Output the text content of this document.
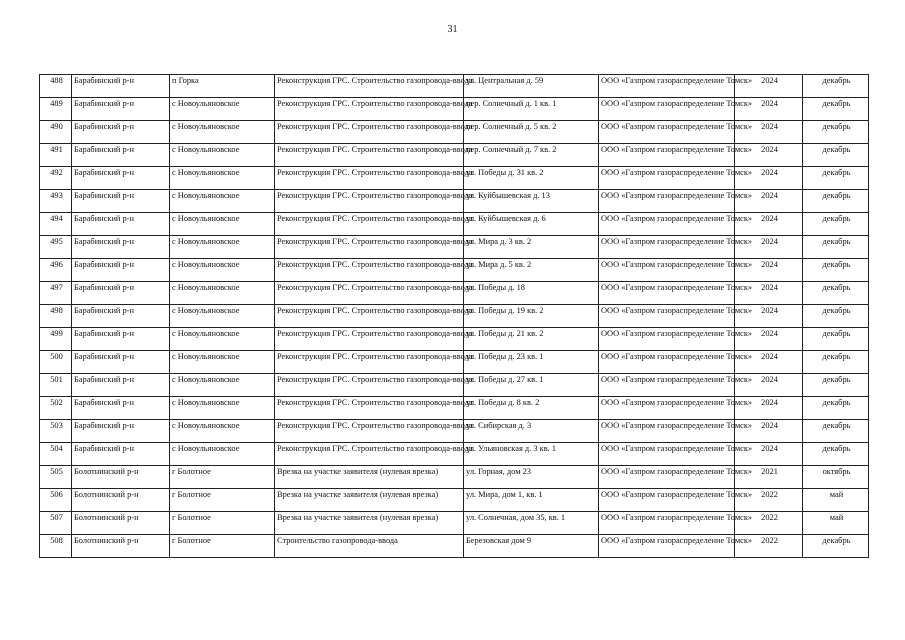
31
488	Барабинский р-н	п Горка	Реконструкция ГРС. Строительство газопровода-ввода	ул. Центральная д. 59	ООО «Газпром газораспределение Томск»	2024	декабрь
489	Барабинский р-н	с Новоульяновское	Реконструкция ГРС. Строительство газопровода-ввода	пер. Солнечный д. 1 кв. 1	ООО «Газпром газораспределение Томск»	2024	декабрь
490	Барабинский р-н	с Новоульяновское	Реконструкция ГРС. Строительство газопровода-ввода	пер. Солнечный д. 5 кв. 2	ООО «Газпром газораспределение Томск»	2024	декабрь
491	Барабинский р-н	с Новоульяновское	Реконструкция ГРС. Строительство газопровода-ввода	пер. Солнечный д. 7 кв. 2	ООО «Газпром газораспределение Томск»	2024	декабрь
492	Барабинский р-н	с Новоульяновское	Реконструкция ГРС. Строительство газопровода-ввода	ул. Победы д. 31 кв. 2	ООО «Газпром газораспределение Томск»	2024	декабрь
493	Барабинский р-н	с Новоульяновское	Реконструкция ГРС. Строительство газопровода-ввода	ул. Куйбышевская д. 13	ООО «Газпром газораспределение Томск»	2024	декабрь
494	Барабинский р-н	с Новоульяновское	Реконструкция ГРС. Строительство газопровода-ввода	ул. Куйбышевская д. 6	ООО «Газпром газораспределение Томск»	2024	декабрь
495	Барабинский р-н	с Новоульяновское	Реконструкция ГРС. Строительство газопровода-ввода	ул. Мира д. 3 кв. 2	ООО «Газпром газораспределение Томск»	2024	декабрь
496	Барабинский р-н	с Новоульяновское	Реконструкция ГРС. Строительство газопровода-ввода	ул. Мира д. 5 кв. 2	ООО «Газпром газораспределение Томск»	2024	декабрь
497	Барабинский р-н	с Новоульяновское	Реконструкция ГРС. Строительство газопровода-ввода	ул. Победы д. 18	ООО «Газпром газораспределение Томск»	2024	декабрь
498	Барабинский р-н	с Новоульяновское	Реконструкция ГРС. Строительство газопровода-ввода	ул. Победы д. 19 кв. 2	ООО «Газпром газораспределение Томск»	2024	декабрь
499	Барабинский р-н	с Новоульяновское	Реконструкция ГРС. Строительство газопровода-ввода	ул. Победы д. 21 кв. 2	ООО «Газпром газораспределение Томск»	2024	декабрь
500	Барабинский р-н	с Новоульяновское	Реконструкция ГРС. Строительство газопровода-ввода	ул. Победы д. 23 кв. 1	ООО «Газпром газораспределение Томск»	2024	декабрь
501	Барабинский р-н	с Новоульяновское	Реконструкция ГРС. Строительство газопровода-ввода	ул. Победы д. 27 кв. 1	ООО «Газпром газораспределение Томск»	2024	декабрь
502	Барабинский р-н	с Новоульяновское	Реконструкция ГРС. Строительство газопровода-ввода	ул. Победы д. 8 кв. 2	ООО «Газпром газораспределение Томск»	2024	декабрь
503	Барабинский р-н	с Новоульяновское	Реконструкция ГРС. Строительство газопровода-ввода	ул. Сибирская д. 3	ООО «Газпром газораспределение Томск»	2024	декабрь
504	Барабинский р-н	с Новоульяновское	Реконструкция ГРС. Строительство газопровода-ввода	ул. Ульяновская д. 3 кв. 1	ООО «Газпром газораспределение Томск»	2024	декабрь
505	Болотнинский р-н	г Болотное	Врезка на участке заявителя (нулевая врезка)	ул. Горная, дом 23	ООО «Газпром газораспределение Томск»	2021	октябрь
506	Болотнинский р-н	г Болотное	Врезка на участке заявителя (нулевая врезка)	ул. Мира, дом 1, кв. 1	ООО «Газпром газораспределение Томск»	2022	май
507	Болотнинский р-н	г Болотное	Врезка на участке заявителя (нулевая врезка)	ул. Солнечная, дом 35, кв. 1	ООО «Газпром газораспределение Томск»	2022	май
508	Болотнинский р-н	г Болотное	Строительство газопровода-ввода	Березовская дом 9	ООО «Газпром газораспределение Томск»	2022	декабрь
